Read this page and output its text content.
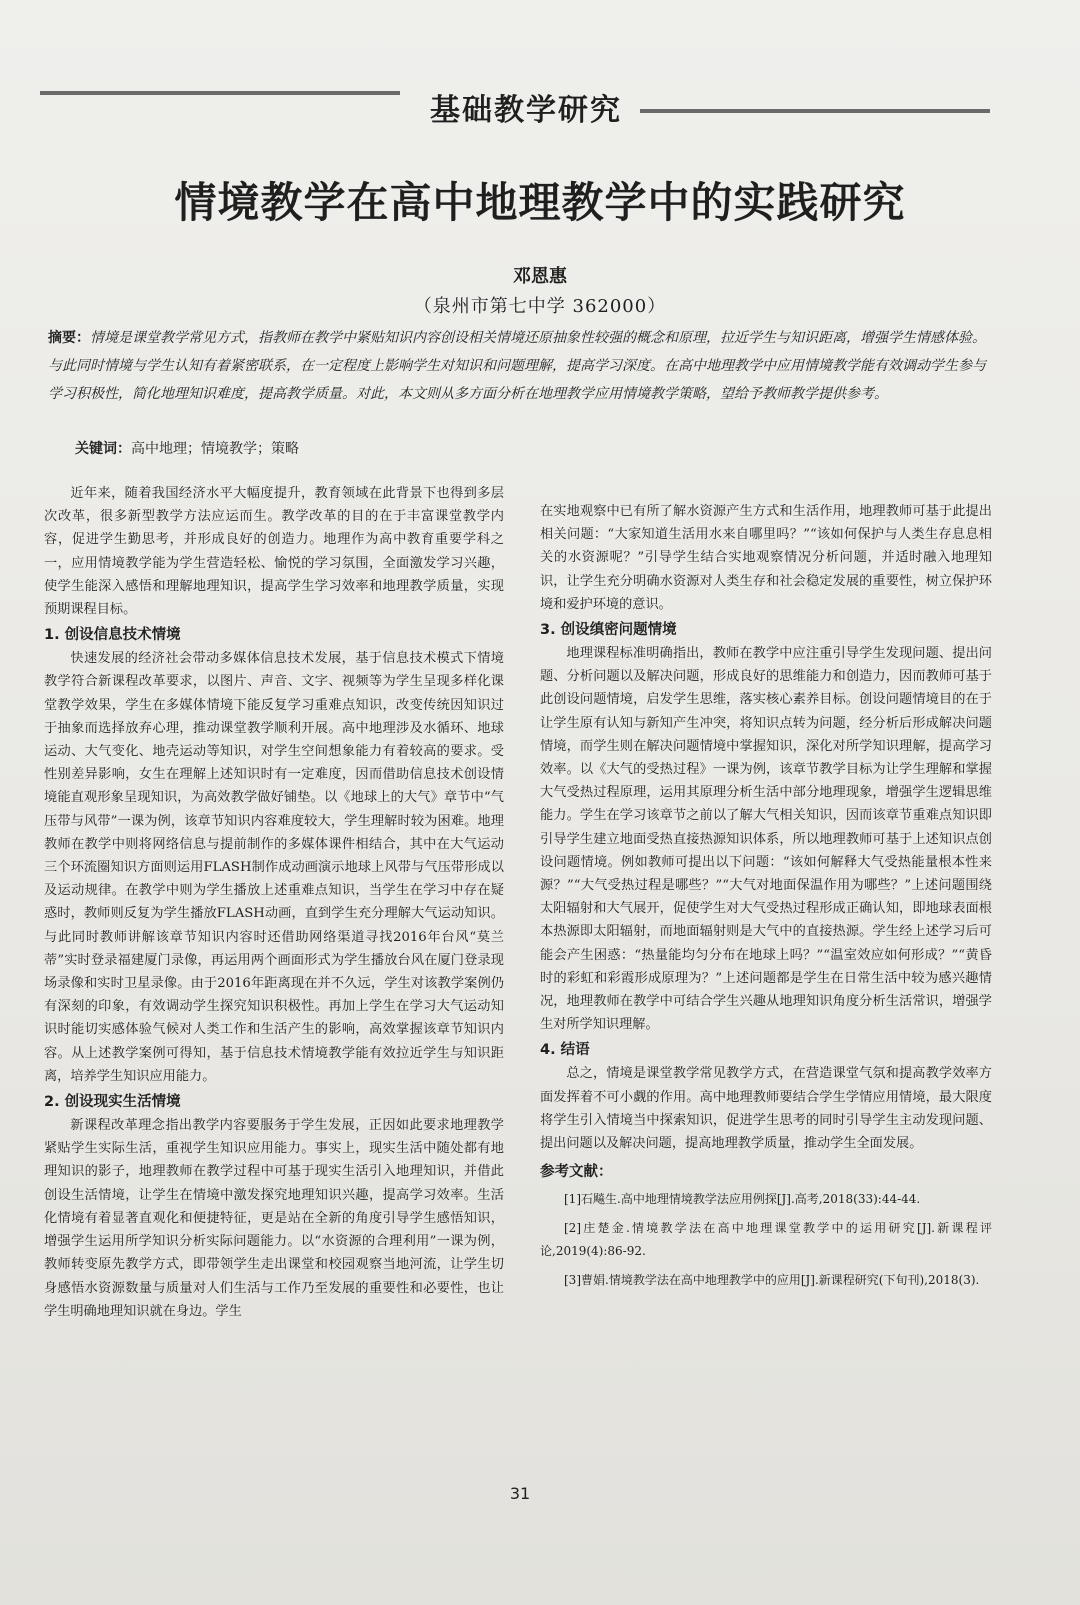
基础教学研究
情境教学在高中地理教学中的实践研究
邓恩惠
（泉州市第七中学 362000）
摘要：情境是课堂教学常见方式，指教师在教学中紧贴知识内容创设相关情境还原抽象性较强的概念和原理，拉近学生与知识距离，增强学生情感体验。与此同时情境与学生认知有着紧密联系，在一定程度上影响学生对知识和问题理解，提高学习深度。在高中地理教学中应用情境教学能有效调动学生参与学习积极性，简化地理知识难度，提高教学质量。对此，本文则从多方面分析在地理教学应用情境教学策略，望给予教师教学提供参考。
关键词：高中地理；情境教学；策略

近年来，随着我国经济水平大幅度提升，教育领域在此背景下也得到多层次改革，很多新型教学方法应运而生。教学改革的目的在于丰富课堂教学内容，促进学生勤思考，并形成良好的创造力。地理作为高中教育重要学科之一，应用情境教学能为学生营造轻松、愉悦的学习氛围，全面激发学习兴趣，使学生能深入感悟和理解地理知识，提高学生学习效率和地理教学质量，实现预期课程目标。

1. 创设信息技术情境

快速发展的经济社会带动多媒体信息技术发展，基于信息技术模式下情境教学符合新课程改革要求，以图片、声音、文字、视频等为学生呈现多样化课堂教学效果，学生在多媒体情境下能反复学习重难点知识，改变传统因知识过于抽象而选择放弃心理，推动课堂教学顺利开展。高中地理涉及水循环、地球运动、大气变化、地壳运动等知识，对学生空间想象能力有着较高的要求。受性别差异影响，女生在理解上述知识时有一定难度，因而借助信息技术创设情境能直观形象呈现知识，为高效教学做好铺垫。以《地球上的大气》章节中“气压带与风带”一课为例，该章节知识内容难度较大，学生理解时较为困难。地理教师在教学中则将网络信息与提前制作的多媒体课件相结合，其中在大气运动三个环流圈知识方面则运用FLASH制作成动画演示地球上风带与气压带形成以及运动规律。在教学中则为学生播放上述重难点知识，当学生在学习中存在疑惑时，教师则反复为学生播放FLASH动画，直到学生充分理解大气运动知识。与此同时教师讲解该章节知识内容时还借助网络渠道寻找2016年台风“莫兰蒂”实时登录福建厦门录像，再运用两个画面形式为学生播放台风在厦门登录现场录像和实时卫星录像。由于2016年距离现在并不久远，学生对该教学案例仍有深刻的印象，有效调动学生探究知识积极性。再加上学生在学习大气运动知识时能切实感体验气候对人类工作和生活产生的影响，高效掌握该章节知识内容。从上述教学案例可得知，基于信息技术情境教学能有效拉近学生与知识距离，培养学生知识应用能力。

2. 创设现实生活情境

新课程改革理念指出教学内容要服务于学生发展，正因如此要求地理教学紧贴学生实际生活，重视学生知识应用能力。事实上，现实生活中随处都有地理知识的影子，地理教师在教学过程中可基于现实生活引入地理知识，并借此创设生活情境，让学生在情境中激发探究地理知识兴趣，提高学习效率。生活化情境有着显著直观化和便捷特征，更是站在全新的角度引导学生感悟知识，增强学生运用所学知识分析实际问题能力。以“水资源的合理利用”一课为例，教师转变原先教学方式，即带领学生走出课堂和校园观察当地河流，让学生切身感悟水资源数量与质量对人们生活与工作乃至发展的重要性和必要性，也让学生明确地理知识就在身边。学生

在实地观察中已有所了解水资源产生方式和生活作用，地理教师可基于此提出相关问题：“大家知道生活用水来自哪里吗？”“该如何保护与人类生存息息相关的水资源呢？”引导学生结合实地观察情况分析问题，并适时融入地理知识，让学生充分明确水资源对人类生存和社会稳定发展的重要性，树立保护环境和爱护环境的意识。

3. 创设缜密问题情境

地理课程标准明确指出，教师在教学中应注重引导学生发现问题、提出问题、分析问题以及解决问题，形成良好的思维能力和创造力，因而教师可基于此创设问题情境，启发学生思维，落实核心素养目标。创设问题情境目的在于让学生原有认知与新知产生冲突，将知识点转为问题，经分析后形成解决问题情境，而学生则在解决问题情境中掌握知识，深化对所学知识理解，提高学习效率。以《大气的受热过程》一课为例，该章节教学目标为让学生理解和掌握大气受热过程原理，运用其原理分析生活中部分地理现象，增强学生逻辑思维能力。学生在学习该章节之前以了解大气相关知识，因而该章节重难点知识即引导学生建立地面受热直接热源知识体系，所以地理教师可基于上述知识点创设问题情境。例如教师可提出以下问题：“该如何解释大气受热能量根本性来源？”“大气受热过程是哪些？”“大气对地面保温作用为哪些？”上述问题围绕太阳辐射和大气展开，促使学生对大气受热过程形成正确认知，即地球表面根本热源即太阳辐射，而地面辐射则是大气中的直接热源。学生经上述学习后可能会产生困惑：“热量能均匀分布在地球上吗？”“温室效应如何形成？”“黄昏时的彩虹和彩霞形成原理为？”上述问题都是学生在日常生活中较为感兴趣情况，地理教师在教学中可结合学生兴趣从地理知识角度分析生活常识，增强学生对所学知识理解。

4. 结语

总之，情境是课堂教学常见教学方式，在营造课堂气氛和提高教学效率方面发挥着不可小觑的作用。高中地理教师要结合学生学情应用情境，最大限度将学生引入情境当中探索知识，促进学生思考的同时引导学生主动发现问题、提出问题以及解决问题，提高地理教学质量，推动学生全面发展。

参考文献：

[1]石飚生.高中地理情境教学法应用例探[J].高考,2018(33):44-44.

[2]庄楚金.情境教学法在高中地理课堂教学中的运用研究[J].新课程评论,2019(4):86-92.

[3]曹娟.情境教学法在高中地理教学中的应用[J].新课程研究(下旬刊),2018(3).

31
